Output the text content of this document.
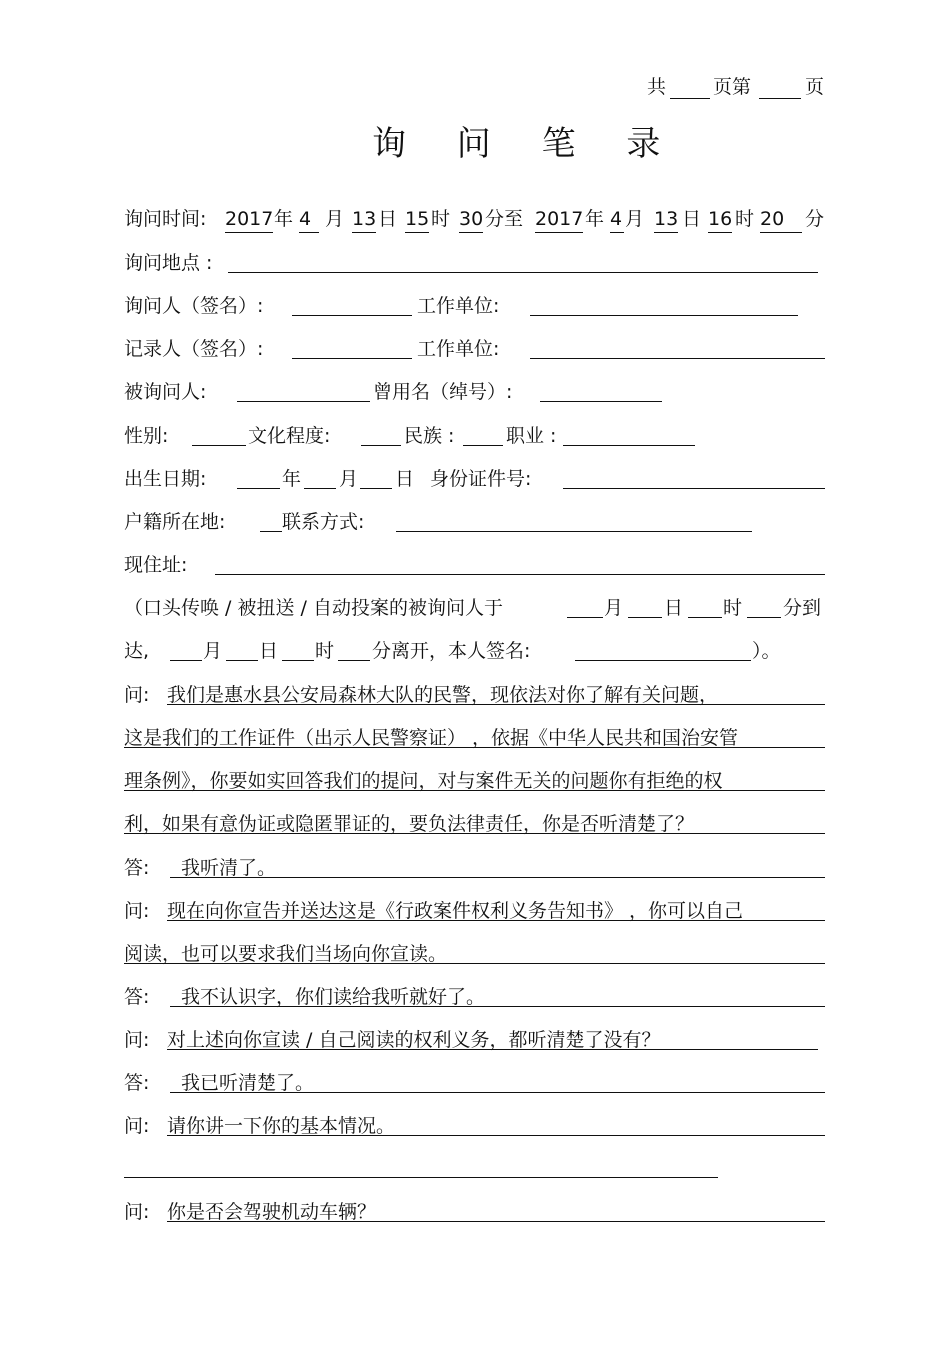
共 页第	页
询 问 笔 录
询问时间: 2017 年 4 月 13 日 15 时 30 分至 2017 年 4 月 13 日 16 时 20	分
询问地点 :
询问人（签名）:	工作单位:
记录人（签名）:	工作单位:
被询问人:	曾用名（绰号）:
性别:	文化程度:	民族 :	职业 :
出生日期:	年 月 日 身份证件号:
户籍所在地:	联系方式:
现住址:
（口头传唤 / 被扭送 / 自动投案的被询问人于	月 日 时 分到
达,	月 日 时 分离开，本人签名:	）。
问: 我们是惠水县公安局森林大队的民警，现依法对你了解有关问题，
这是我们的工作证件（出示人民警察证） ，依据《中华人民共和国治安管
理条例》，你要如实回答我们的提问，对与案件无关的问题你有拒绝的权
利，如果有意伪证或隐匿罪证的，要负法律责任，你是否听清楚了？
答: 我听清了。
问: 现在向你宣告并送达这是《行政案件权利义务告知书》 ，你可以自己
阅读，也可以要求我们当场向你宣读。
答: 我不认识字，你们读给我听就好了。
问: 对上述向你宣读 / 自己阅读的权利义务，都听清楚了没有？
答: 我已听清楚了。
问: 请你讲一下你的基本情况。
问: 你是否会驾驶机动车辆？
